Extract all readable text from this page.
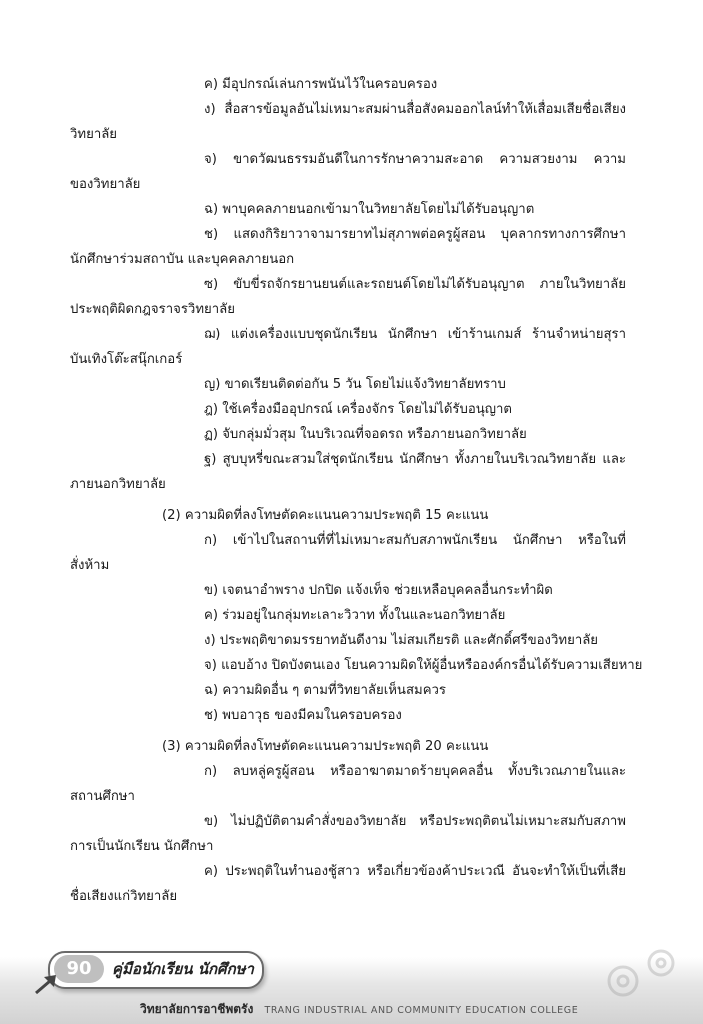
ค) มีอุปกรณ์เล่นการพนันไว้ในครอบครอง
ง) สื่อสารข้อมูลอันไม่เหมาะสมผ่านสื่อสังคมออกไลน์ทำให้เสื่อมเสียชื่อเสียง
วิทยาลัย
จ) ขาดวัฒนธรรมอันดีในการรักษาความสะอาด ความสวยงาม ความ
ของวิทยาลัย
ฉ) พาบุคคลภายนอกเข้ามาในวิทยาลัยโดยไม่ได้รับอนุญาต
ช) แสดงกิริยาวาจามารยาทไม่สุภาพต่อครูผู้สอน บุคลากรทางการศึกษา
นักศึกษาร่วมสถาบัน และบุคคลภายนอก
ซ) ขับขี่รถจักรยานยนต์และรถยนต์โดยไม่ได้รับอนุญาต ภายในวิทยาลัย
ประพฤติผิดกฎจราจรวิทยาลัย
ฌ) แต่งเครื่องแบบชุดนักเรียน นักศึกษา เข้าร้านเกมส์ ร้านจำหน่ายสุรา
บันเทิงโต๊ะสนุ๊กเกอร์
ญ) ขาดเรียนติดต่อกัน 5 วัน โดยไม่แจ้งวิทยาลัยทราบ
ฎ) ใช้เครื่องมืออุปกรณ์ เครื่องจักร โดยไม่ได้รับอนุญาต
ฏ) จับกลุ่มมั่วสุม ในบริเวณที่จอดรถ หรือภายนอกวิทยาลัย
ฐ) สูบบุหรี่ขณะสวมใส่ชุดนักเรียน นักศึกษา ทั้งภายในบริเวณวิทยาลัย และ
ภายนอกวิทยาลัย
(2) ความผิดที่ลงโทษตัดคะแนนความประพฤติ 15 คะแนน
ก) เข้าไปในสถานที่ที่ไม่เหมาะสมกับสภาพนักเรียน นักศึกษา หรือในที่
สั่งห้าม
ข) เจตนาอำพราง ปกปิด แจ้งเท็จ ช่วยเหลือบุคคลอื่นกระทำผิด
ค) ร่วมอยู่ในกลุ่มทะเลาะวิวาท ทั้งในและนอกวิทยาลัย
ง) ประพฤติขาดมรรยาทอันดีงาม ไม่สมเกียรติ และศักดิ์ศรีของวิทยาลัย
จ) แอบอ้าง ปิดบังตนเอง โยนความผิดให้ผู้อื่นหรือองค์กรอื่นได้รับความเสียหาย
ฉ) ความผิดอื่น ๆ ตามที่วิทยาลัยเห็นสมควร
ช) พบอาวุธ ของมีคมในครอบครอง
(3) ความผิดที่ลงโทษตัดคะแนนความประพฤติ 20 คะแนน
ก) ลบหลู่ครูผู้สอน หรืออาฆาตมาดร้ายบุคคลอื่น ทั้งบริเวณภายในและ
สถานศึกษา
ข) ไม่ปฏิบัติตามคำสั่งของวิทยาลัย หรือประพฤติตนไม่เหมาะสมกับสภาพ
การเป็นนักเรียน นักศึกษา
ค) ประพฤติในทำนองชู้สาว หรือเกี่ยวข้องค้าประเวณี อันจะทำให้เป็นที่เสีย
ชื่อเสียงแก่วิทยาลัย
90	คู่มือนักเรียน นักศึกษา
วิทยาลัยการอาชีพตรัง TRANG INDUSTRIAL AND COMMUNITY EDUCATION COLLEGE
